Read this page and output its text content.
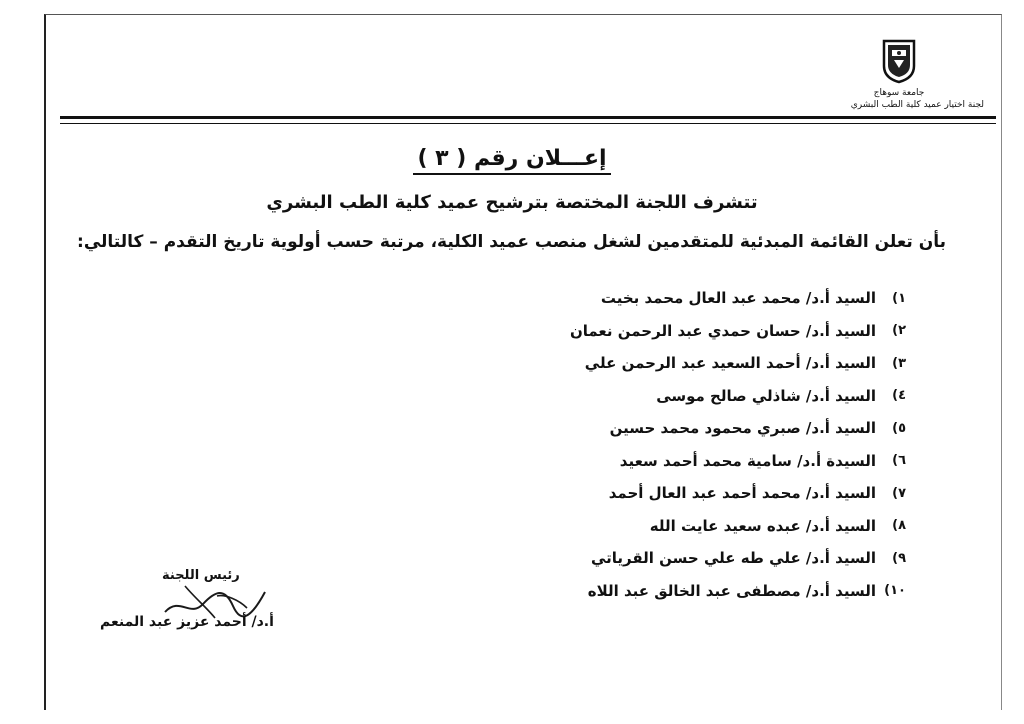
جامعة سوهاج
لجنة اختيار عميد كلية الطب البشري
إعـــلان رقم ( ٣ )
تتشرف اللجنة المختصة بترشيح عميد كلية الطب البشري
بأن تعلن القائمة المبدئية للمتقدمين لشغل منصب عميد الكلية، مرتبة حسب أولوية تاريخ التقدم – كالتالي:
١)
السيد أ.د/ محمد عبد العال محمد بخيت
٢)
السيد أ.د/ حسان حمدي عبد الرحمن نعمان
٣)
السيد أ.د/ أحمد السعيد عبد الرحمن علي
٤)
السيد أ.د/ شاذلي صالح موسى
٥)
السيد أ.د/ صبري محمود محمد حسين
٦)
السيدة أ.د/ سامية محمد أحمد سعيد
٧)
السيد أ.د/ محمد أحمد عبد العال أحمد
٨)
السيد أ.د/ عبده سعيد عايت الله
٩)
السيد أ.د/ علي طه علي حسن القرياتي
١٠)
السيد أ.د/ مصطفى عبد الخالق عبد اللاه
رئيس اللجنة
أ.د/ أحمد عزيز عبد المنعم
